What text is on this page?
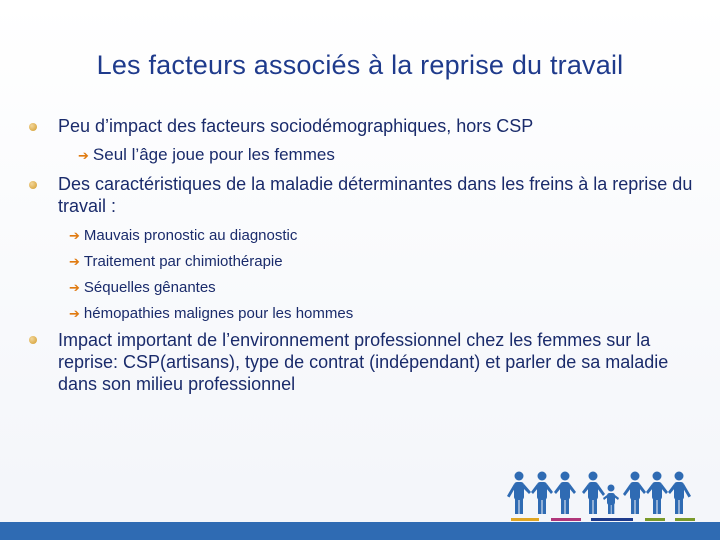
Les facteurs associés à la reprise du travail
Peu d’impact des facteurs sociodémographiques, hors CSP
➔ Seul l’âge joue pour les femmes
Des caractéristiques de la maladie déterminantes dans les freins à la reprise du travail :
➔ Mauvais pronostic au diagnostic
➔ Traitement par chimiothérapie
➔ Séquelles gênantes
➔ hémopathies malignes pour les hommes
Impact important de l’environnement professionnel chez les femmes sur la reprise: CSP(artisans), type de contrat (indépendant) et parler de sa maladie dans son milieu professionnel
